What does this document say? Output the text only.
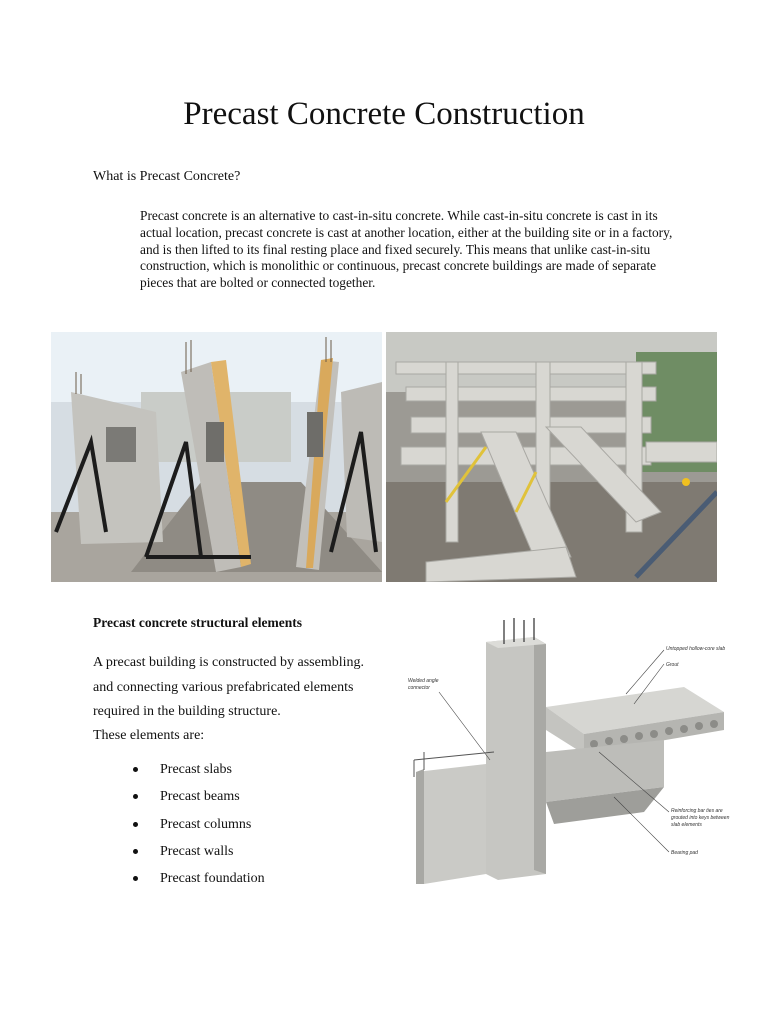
Precast Concrete Construction
What is Precast Concrete?

Precast concrete is an alternative to cast-in-situ concrete. While cast-in-situ concrete is cast in its actual location, precast concrete is cast at another location, either at the building site or in a factory, and is then lifted to its final resting place and fixed securely. This means that unlike cast-in-situ construction, which is monolithic or continuous, precast concrete buildings are made of separate pieces that are bolted or connected together.

Precast concrete structural elements
A precast building is constructed by assembling.
and connecting various prefabricated elements
required in the building structure.
These elements are:
Precast slabs
Precast beams
Precast columns
Precast walls
Precast foundation
Untopped hollow-core slab
Grout
Welded angle
connector
Reinforcing bar ties are
grouted into keys between
slab elements
Bearing pad
